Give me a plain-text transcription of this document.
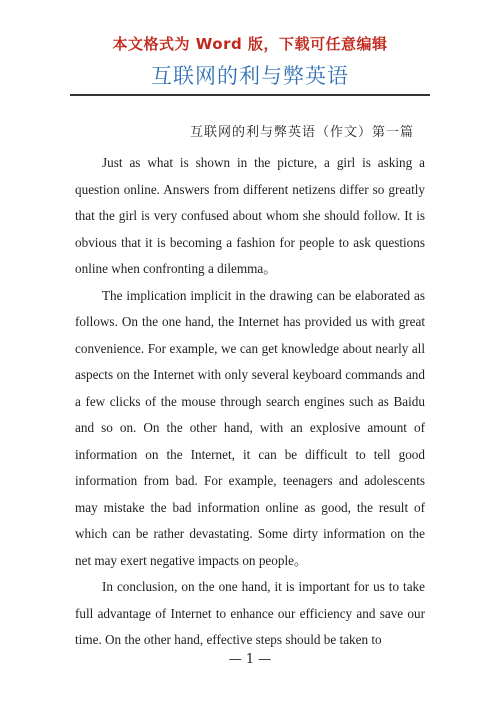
本文格式为 Word 版，下载可任意编辑
互联网的利与弊英语
互联网的利与弊英语（作文）第一篇

Just as what is shown in the picture, a girl is asking a question online. Answers from different netizens differ so greatly that the girl is very confused about whom she should follow. It is obvious that it is becoming a fashion for people to ask questions online when confronting a dilemma。

The implication implicit in the drawing can be elaborated as follows. On the one hand, the Internet has provided us with great convenience. For example, we can get knowledge about nearly all aspects on the Internet with only several keyboard commands and a few clicks of the mouse through search engines such as Baidu and so on. On the other hand, with an explosive amount of information on the Internet, it can be difficult to tell good information from bad. For example, teenagers and adolescents may mistake the bad information online as good, the result of which can be rather devastating. Some dirty information on the net may exert negative impacts on people。

In conclusion, on the one hand, it is important for us to take full advantage of Internet to enhance our efficiency and save our time. On the other hand, effective steps should be taken to

— 1 —
